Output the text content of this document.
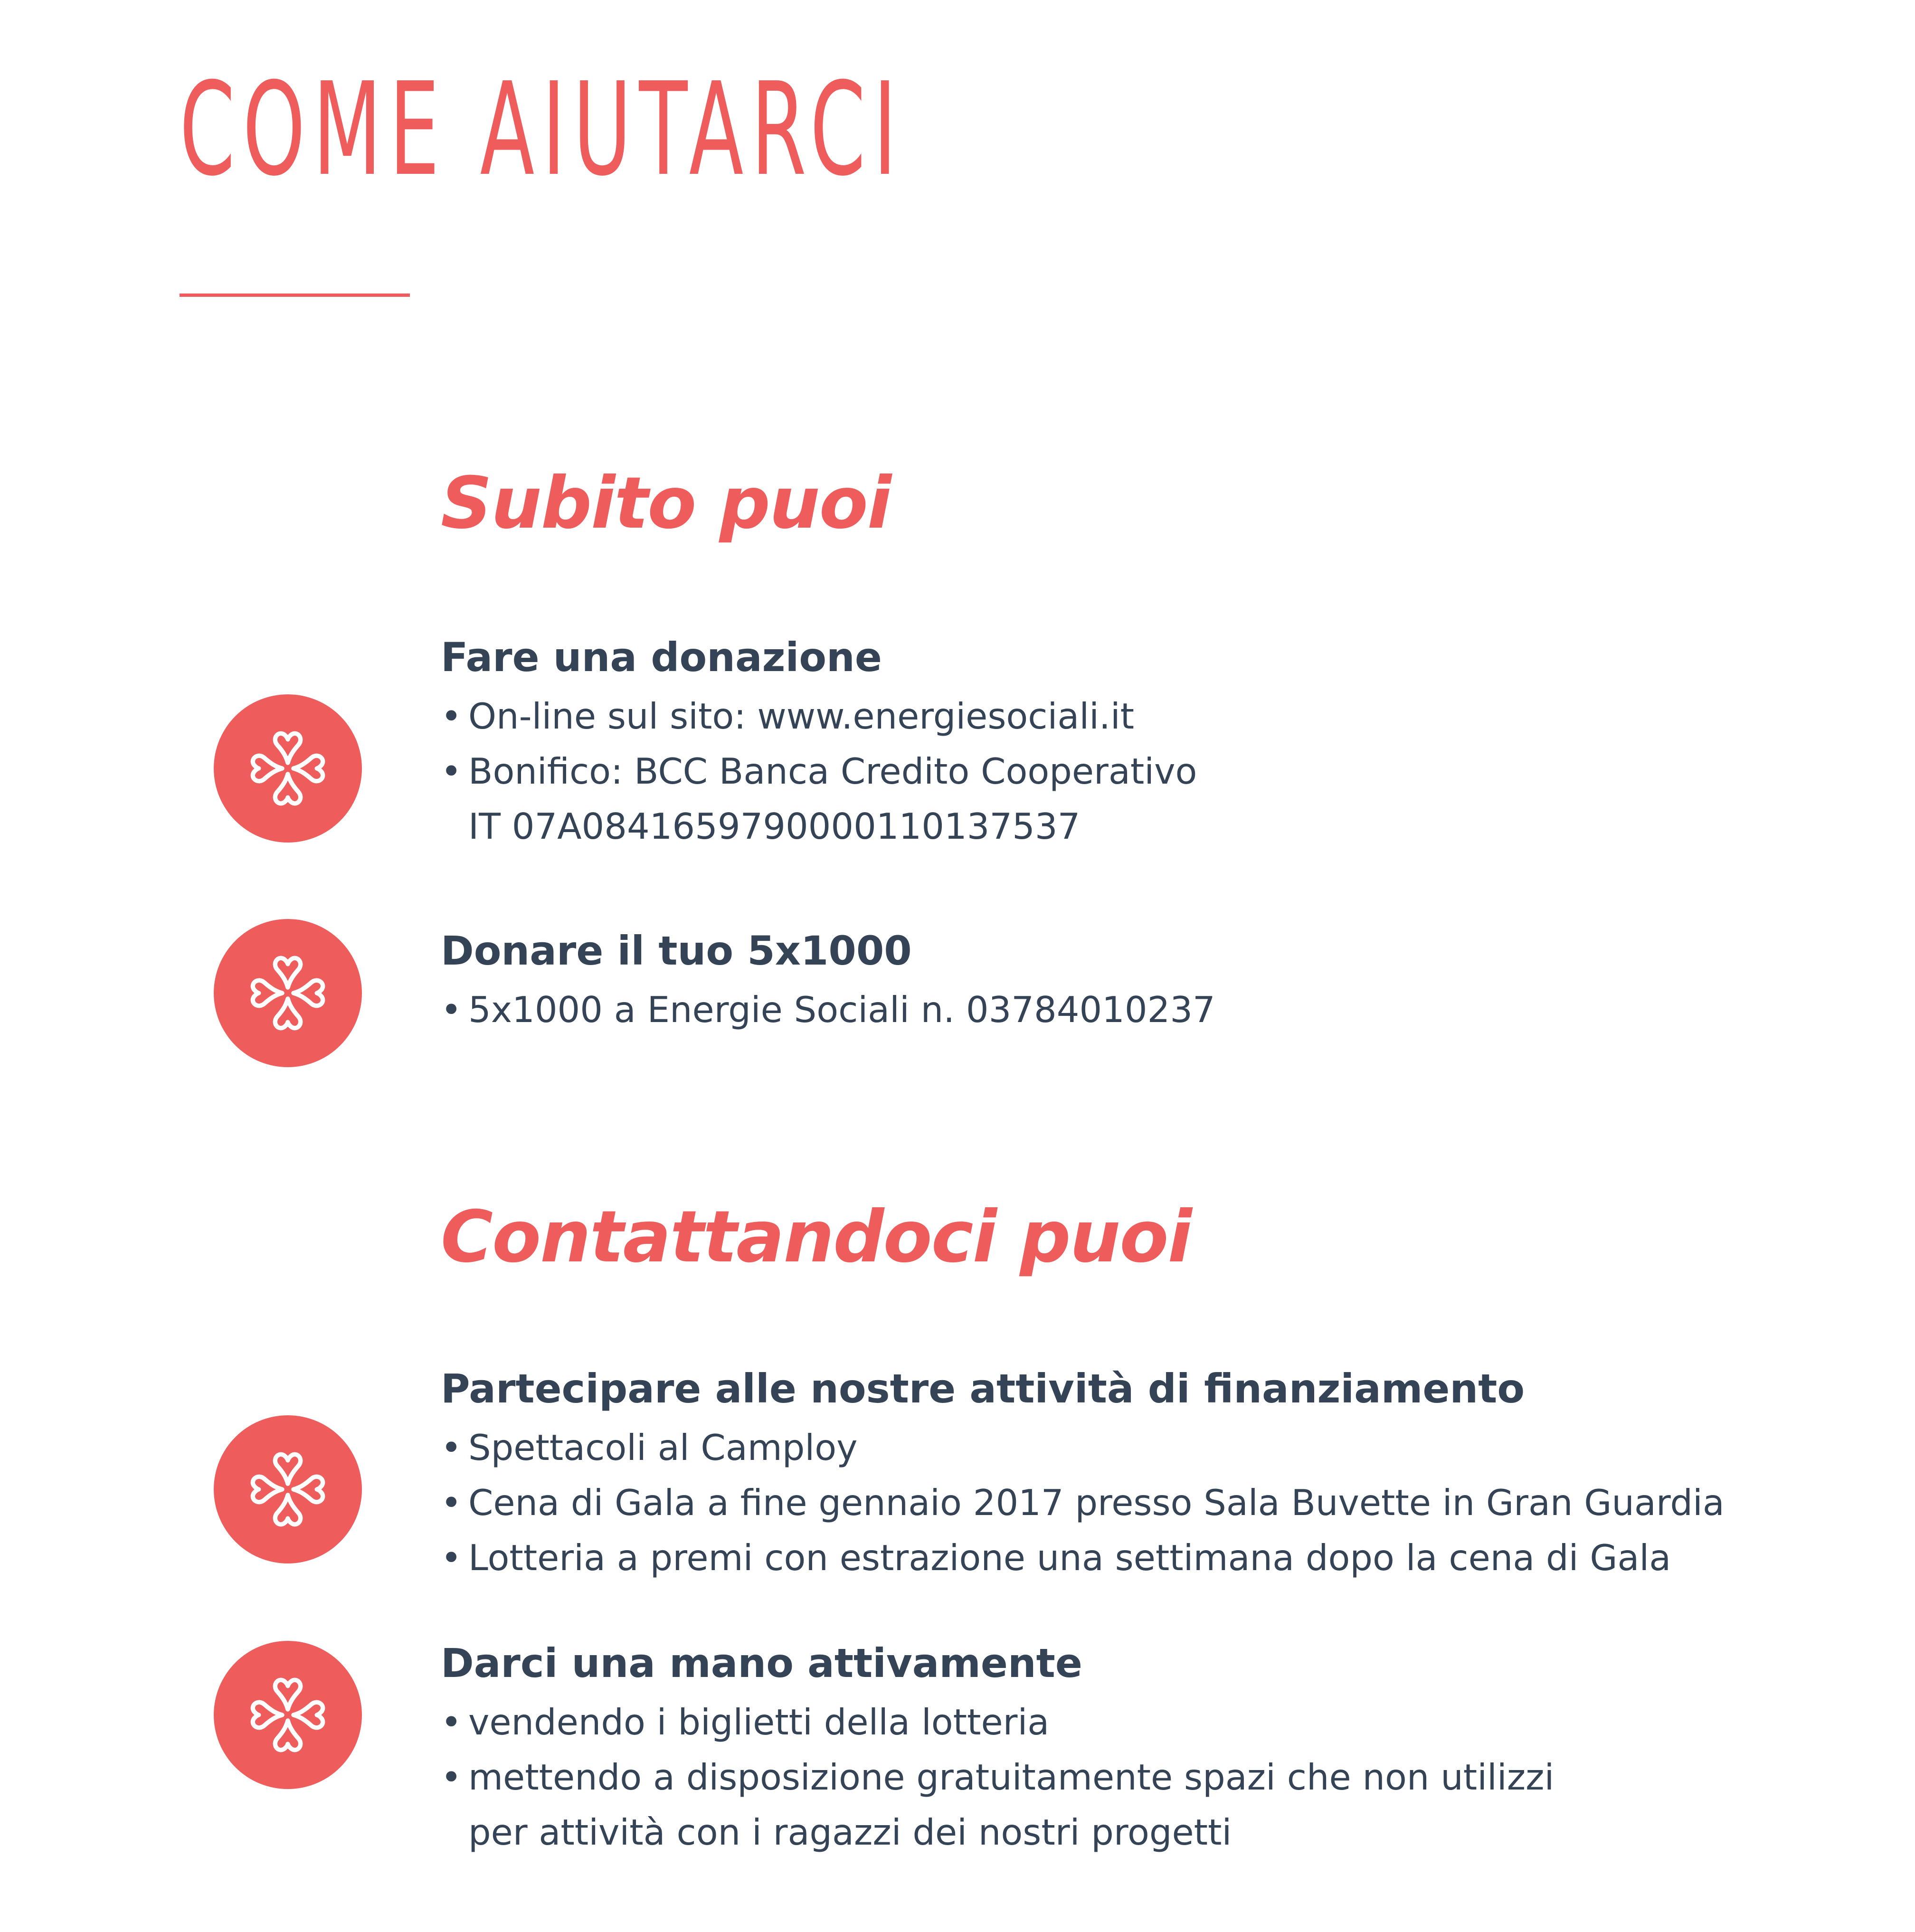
COME AIUTARCI
Subito puoi
Fare una donazione
• On-line sul sito: www.energiesociali.it
• Bonifico: BCC Banca Credito Cooperativo
IT 07A0841659790000110137537
Donare il tuo 5x1000
• 5x1000 a Energie Sociali n. 03784010237
Contattandoci puoi
Partecipare alle nostre attività di finanziamento
• Spettacoli al Camploy
• Cena di Gala a fine gennaio 2017 presso Sala Buvette in Gran Guardia
• Lotteria a premi con estrazione una settimana dopo la cena di Gala
Darci una mano attivamente
• vendendo i biglietti della lotteria
• mettendo a disposizione gratuitamente spazi che non utilizzi
per attività con i ragazzi dei nostri progetti
